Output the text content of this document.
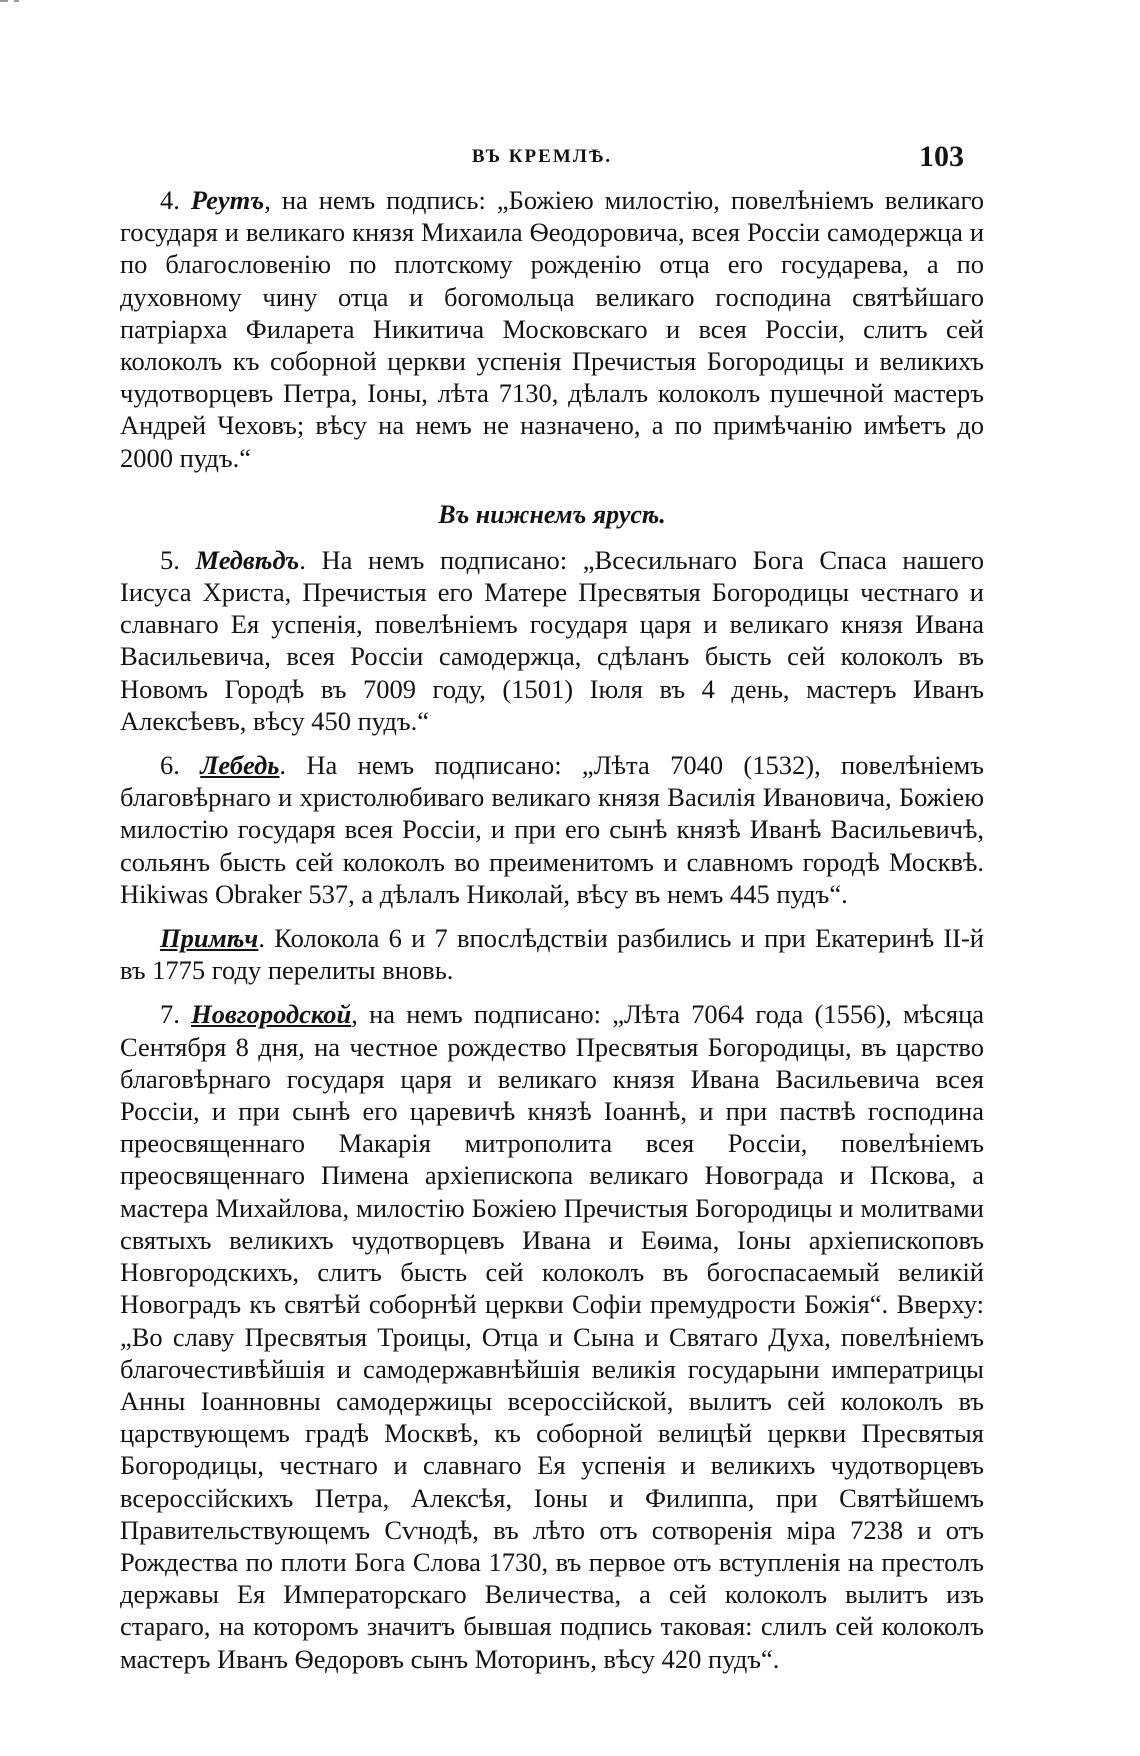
ВЪ КРЕМЛѢ.	103

4. Реутъ, на немъ подпись: „Божіею милостію, повелѣніемъ великаго государя и великаго князя Михаила Ѳеодоровича, всея Россіи самодержца и по благословенію по плотскому рожденію отца его государева, а по духовному чину отца и богомольца великаго господина святѣйшаго патріарха Филарета Никитича Московскаго и всея Россіи, слитъ сей колоколъ къ соборной церкви успенія Пречистыя Богородицы и великихъ чудотворцевъ Петра, Іоны, лѣта 7130, дѣлалъ колоколъ пушечной мастеръ Андрей Чеховъ; вѣсу на немъ не назначено, а по примѣчанію имѣетъ до 2000 пудъ.“

Въ нижнемъ ярусѣ.

5. Медвѣдъ. На немъ подписано: „Вcесильнаго Бога Спаса нашего Іисуса Христа, Пречистыя его Матере Пресвятыя Богородицы честнаго и славнаго Ея успенія, повелѣніемъ государя царя и великаго князя Ивана Васильевича, всея Россіи самодержца, сдѣланъ бысть сей колоколъ въ Новомъ Городѣ въ 7009 году, (1501) Іюля въ 4 день, мастеръ Иванъ Алексѣевъ, вѣсу 450 пудъ.“

6. Лебедь. На немъ подписано: „Лѣта 7040 (1532), повелѣніемъ благовѣрнаго и христолюбиваго великаго князя Василія Ивановича, Божіею милостію государя всея Россіи, и при его сынѣ князѣ Иванѣ Васильевичѣ, сольянъ бысть сей колоколъ во преименитомъ и славномъ городѣ Москвѣ. Hikiwas Obraker 537, а дѣлалъ Николай, вѣсу въ немъ 445 пудъ“.

Примѣч. Колокола 6 и 7 впослѣдствіи разбились и при Екатеринѣ II-й въ 1775 году перелиты вновь.

7. Новгородской, на немъ подписано: „Лѣта 7064 года (1556), мѣсяца Сентября 8 дня, на честное рождество Пресвятыя Богородицы, въ царство благовѣрнаго государя царя и великаго князя Ивана Васильевича всея Россіи, и при сынѣ его царевичѣ князѣ Іоаннѣ, и при паствѣ господина преосвященнаго Макарія митрополита всея Россіи, повелѣніемъ преосвященнаго Пимена архіепископа великаго Новограда и Пскова, а мастера Михайлова, милостію Божіею Пречистыя Богородицы и молитвами святыхъ великихъ чудотворцевъ Ивана и Еѳима, Іоны архіепископовъ Новгородскихъ, слитъ бысть сей колоколъ въ богоспасаемый великій Новоградъ къ святѣй соборнѣй церкви Софіи премудрости Божія“. Вверху: „Во славу Пресвятыя Троицы, Отца и Сына и Святаго Духа, повелѣніемъ благочестивѣйшія и самодержавнѣйшія великія государыни императрицы Анны Іоанновны самодержицы всероссійской, вылитъ сей колоколъ въ царствующемъ градѣ Москвѣ, къ соборной велицѣй церкви Пресвятыя Богородицы, честнаго и славнаго Ея успенія и великихъ чудотворцевъ всероссійскихъ Петра, Алексѣя, Іоны и Филиппа, при Святѣйшемъ Правительствующемъ Сѵнодѣ, въ лѣто отъ сотворенія міра 7238 и отъ Рождества по плоти Бога Слова 1730, въ первое отъ вступленія на престолъ державы Ея Императорскаго Величества, а сей колоколъ вылитъ изъ стараго, на которомъ значитъ бывшая подпись таковая: слилъ сей колоколъ мастеръ Иванъ Ѳедоровъ сынъ Моторинъ, вѣсу 420 пудъ“.
